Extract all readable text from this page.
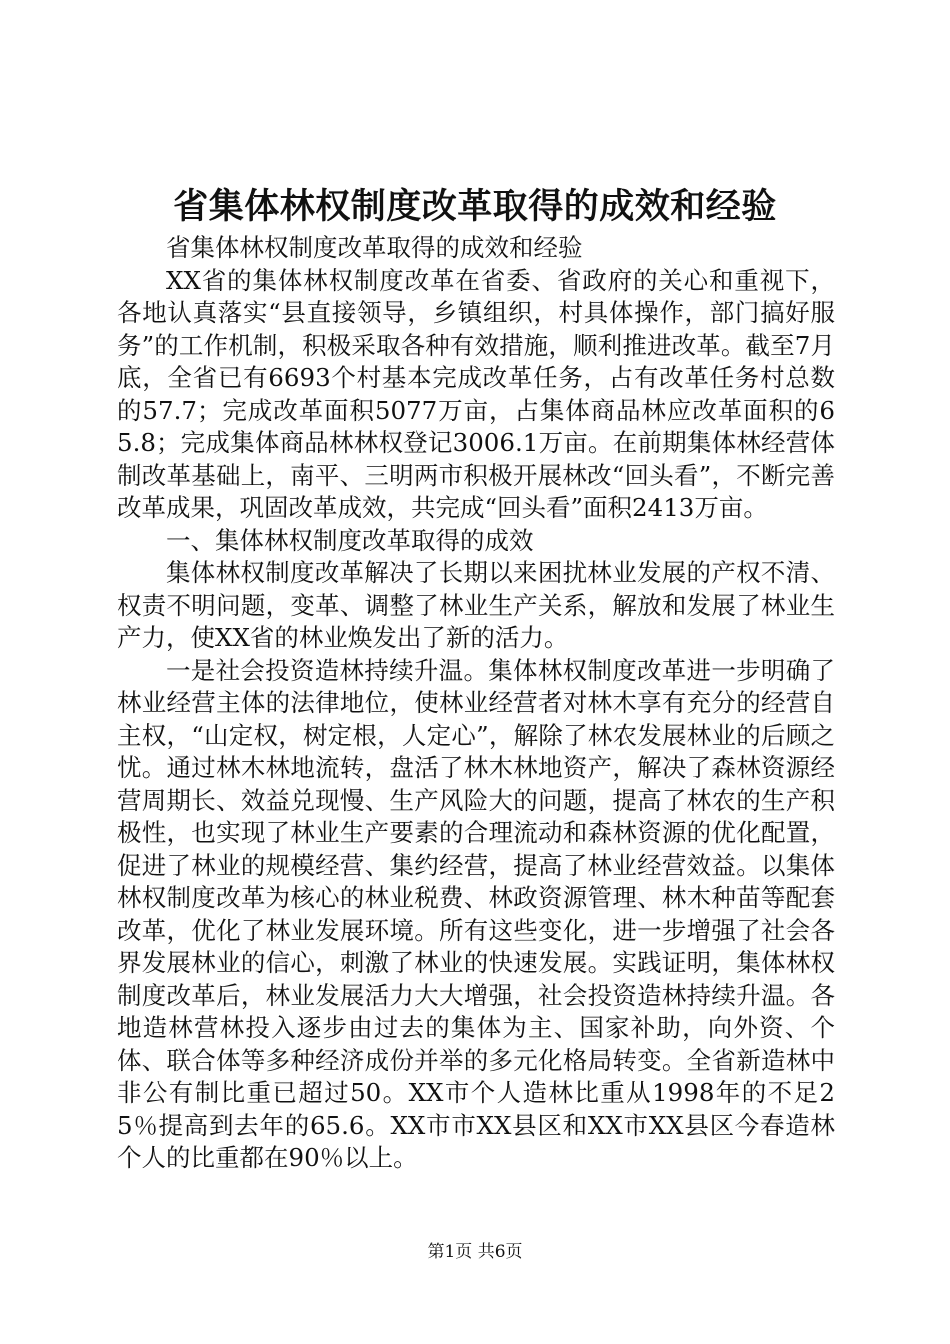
省集体林权制度改革取得的成效和经验

省集体林权制度改革取得的成效和经验

XX省的集体林权制度改革在省委、省政府的关心和重视下，各地认真落实“县直接领导，乡镇组织，村具体操作，部门搞好服务”的工作机制，积极采取各种有效措施，顺利推进改革。截至7月底，全省已有6693个村基本完成改革任务，占有改革任务村总数的57.7；完成改革面积5077万亩，占集体商品林应改革面积的65.8；完成集体商品林林权登记3006.1万亩。在前期集体林经营体制改革基础上，南平、三明两市积极开展林改“回头看”，不断完善改革成果，巩固改革成效，共完成“回头看”面积2413万亩。

一、集体林权制度改革取得的成效

集体林权制度改革解决了长期以来困扰林业发展的产权不清、权责不明问题，变革、调整了林业生产关系，解放和发展了林业生产力，使XX省的林业焕发出了新的活力。

一是社会投资造林持续升温。集体林权制度改革进一步明确了林业经营主体的法律地位，使林业经营者对林木享有充分的经营自主权，“山定权，树定根，人定心”，解除了林农发展林业的后顾之忧。通过林木林地流转，盘活了林木林地资产，解决了森林资源经营周期长、效益兑现慢、生产风险大的问题，提高了林农的生产积极性，也实现了林业生产要素的合理流动和森林资源的优化配置，促进了林业的规模经营、集约经营，提高了林业经营效益。以集体林权制度改革为核心的林业税费、林政资源管理、林木种苗等配套改革，优化了林业发展环境。所有这些变化，进一步增强了社会各界发展林业的信心，刺激了林业的快速发展。实践证明，集体林权制度改革后，林业发展活力大大增强，社会投资造林持续升温。各地造林营林投入逐步由过去的集体为主、国家补助，向外资、个体、联合体等多种经济成份并举的多元化格局转变。全省新造林中非公有制比重已超过50。XX市个人造林比重从1998年的不足25％提高到去年的65.6。XX市市XX县区和XX市XX县区今春造林个人的比重都在90％以上。

第1页 共6页
